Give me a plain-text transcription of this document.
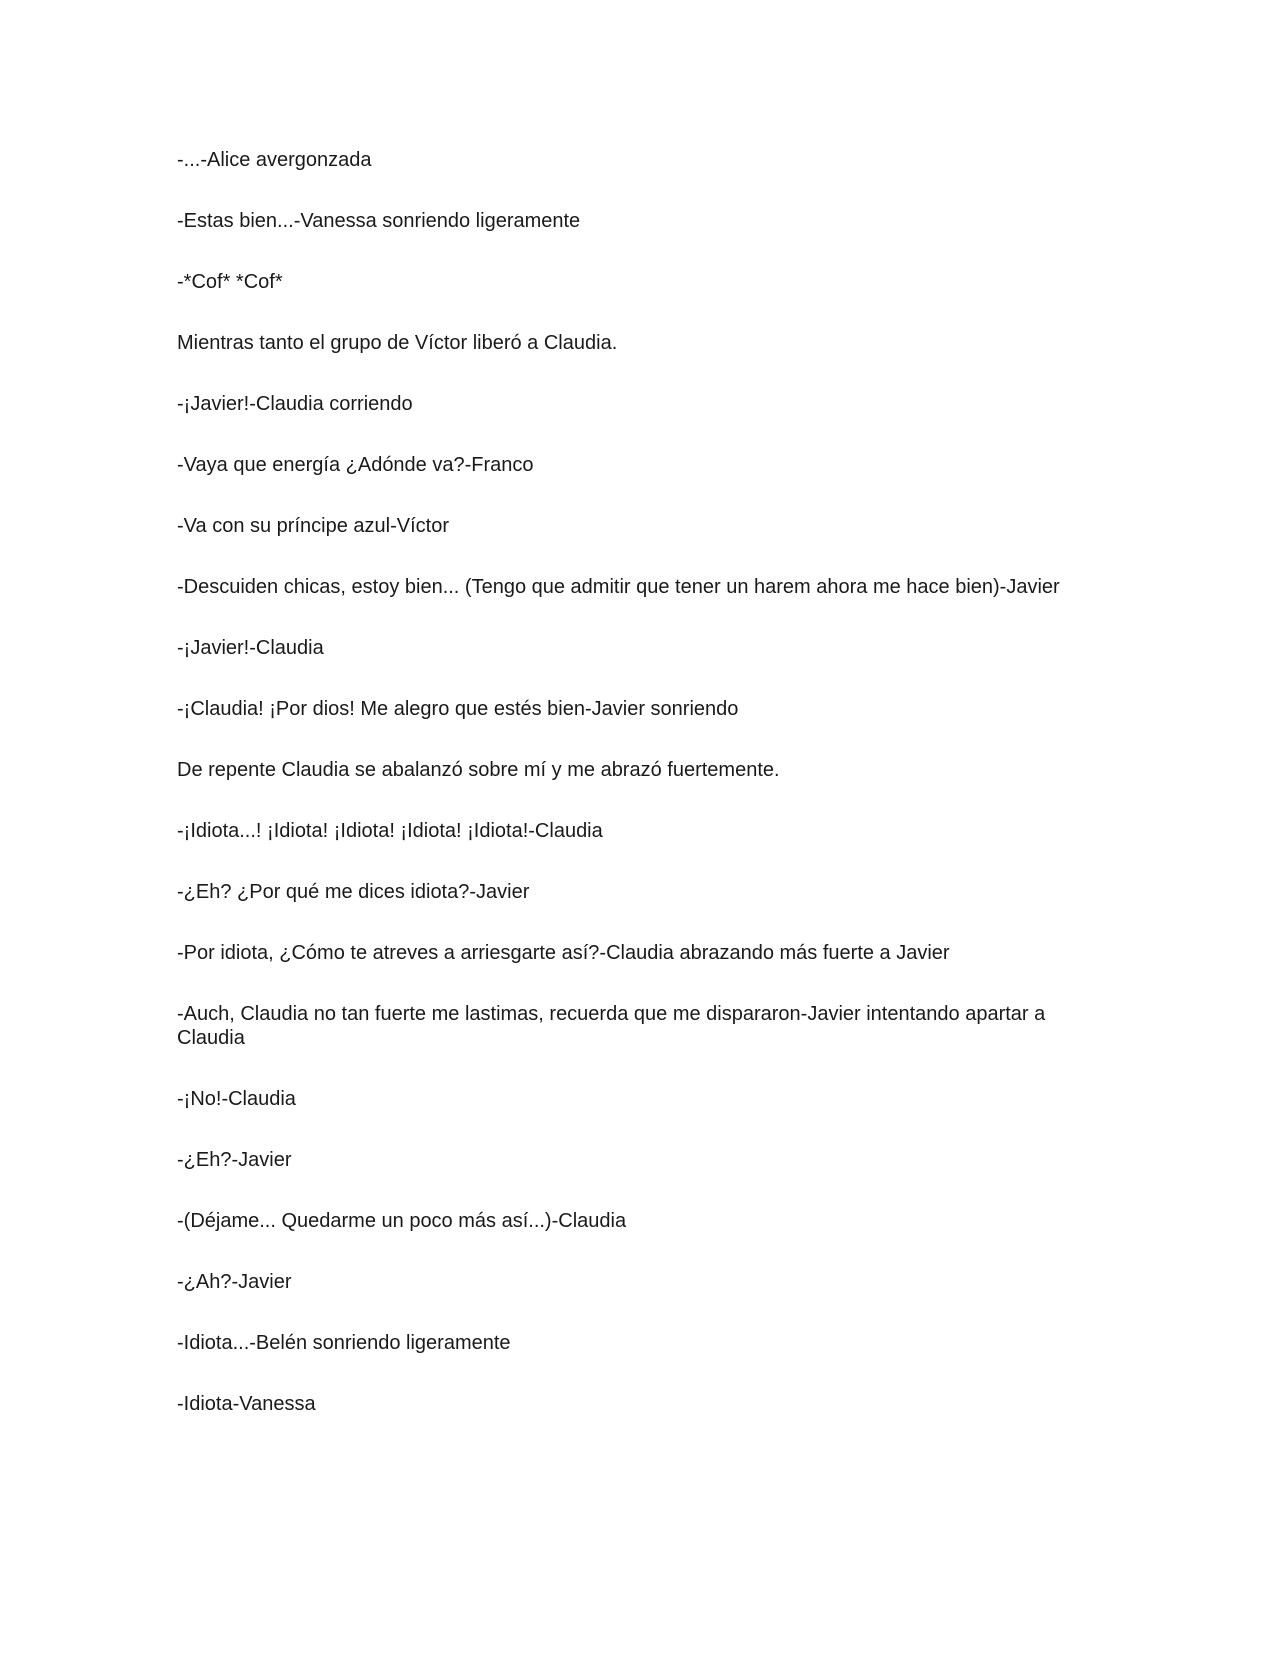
-...-Alice avergonzada

-Estas bien...-Vanessa sonriendo ligeramente

-*Cof* *Cof*

Mientras tanto el grupo de Víctor liberó a Claudia.

-¡Javier!-Claudia corriendo

-Vaya que energía ¿Adónde va?-Franco

-Va con su príncipe azul-Víctor

-Descuiden chicas, estoy bien... (Tengo que admitir que tener un harem ahora me hace bien)-Javier

-¡Javier!-Claudia

-¡Claudia! ¡Por dios! Me alegro que estés bien-Javier sonriendo

De repente Claudia se abalanzó sobre mí y me abrazó fuertemente.

-¡Idiota...! ¡Idiota! ¡Idiota! ¡Idiota! ¡Idiota!-Claudia

-¿Eh? ¿Por qué me dices idiota?-Javier

-Por idiota, ¿Cómo te atreves a arriesgarte así?-Claudia abrazando más fuerte a Javier

-Auch, Claudia no tan fuerte me lastimas, recuerda que me dispararon-Javier intentando apartar a Claudia

-¡No!-Claudia

-¿Eh?-Javier

-(Déjame... Quedarme un poco más así...)-Claudia

-¿Ah?-Javier

-Idiota...-Belén sonriendo ligeramente

-Idiota-Vanessa
